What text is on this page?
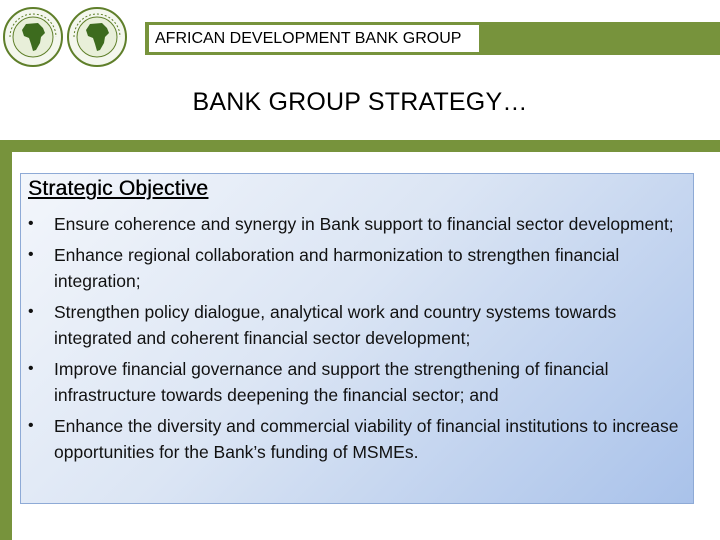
AFRICAN DEVELOPMENT BANK GROUP
BANK GROUP STRATEGY…
Strategic Objective
•	Ensure coherence and synergy in Bank support to financial sector development;
•	Enhance regional collaboration and harmonization to strengthen financial integration;
•	Strengthen policy dialogue, analytical work and country systems towards integrated and coherent financial sector development;
•	Improve financial governance and support the strengthening of financial infrastructure towards deepening the financial sector; and
•	Enhance the diversity and commercial viability of financial institutions to increase opportunities for the Bank’s funding of MSMEs.
